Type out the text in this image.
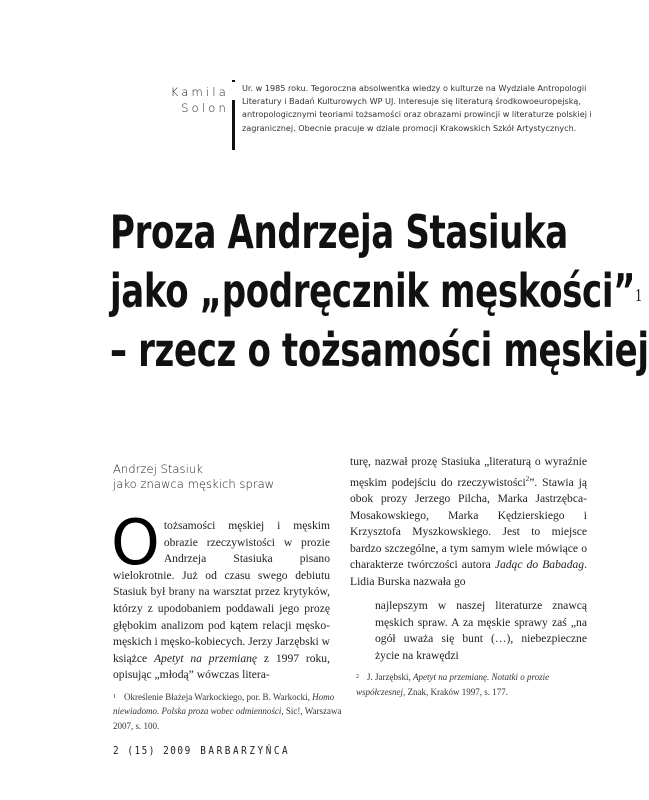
Kamila
Solon
Ur. w 1985 roku. Tegoroczna absolwentka wiedzy o kulturze na Wydziale Antropologii Literatury i Badań Kulturowych WP UJ. Interesuje się literaturą środkowoeuropejską, antropologicznymi teoriami tożsamości oraz obrazami prowincji w literaturze polskiej i zagranicznej. Obecnie pracuje w dziale promocji Krakowskich Szkół Artystycznych.
Proza Andrzeja Stasiuka
jako „podręcznik męskości”$^1$
– rzecz o tożsamości męskiej
Andrzej Stasiuk
jako znawca męskich spraw

O tożsamości męskiej i męskim obrazie rzeczywistości w prozie Andrzeja Stasiuka pisano wielokrotnie. Już od czasu swego debiutu Stasiuk był brany na warsztat przez krytyków, którzy z upodobaniem poddawali jego prozę głębokim analizom pod kątem relacji męsko-męskich i męsko-kobiecych. Jerzy Jarzębski w książce Apetyt na przemianę z 1997 roku, opisując „młodą” wówczas litera-

turę, nazwał prozę Stasiuka „literaturą o wyraźnie męskim podejściu do rzeczywistości$^2$”. Stawia ją obok prozy Jerzego Pilcha, Marka Jastrzębca-Mosakowskiego, Marka Kędzierskiego i Krzysztofa Myszkowskiego. Jest to miejsce bardzo szczególne, a tym samym wiele mówiące o charakterze twórczości autora Jadąc do Babadag. Lidia Burska nazwała go

najlepszym w naszej literaturze znawcą męskich spraw. A za męskie sprawy zaś „na ogół uważa się bunt (…), niebezpieczne życie na krawędzi
$^1$ Określenie Błażeja Warkockiego, por. B. Warkocki, Homo niewiadomo. Polska proza wobec odmienności, Sic!, Warszawa 2007, s. 100.
$^2$ J. Jarzębski, Apetyt na przemianę. Notatki o prozie współczesnej, Znak, Kraków 1997, s. 177.
2 (15) 2009 BARBARZYŃCA
